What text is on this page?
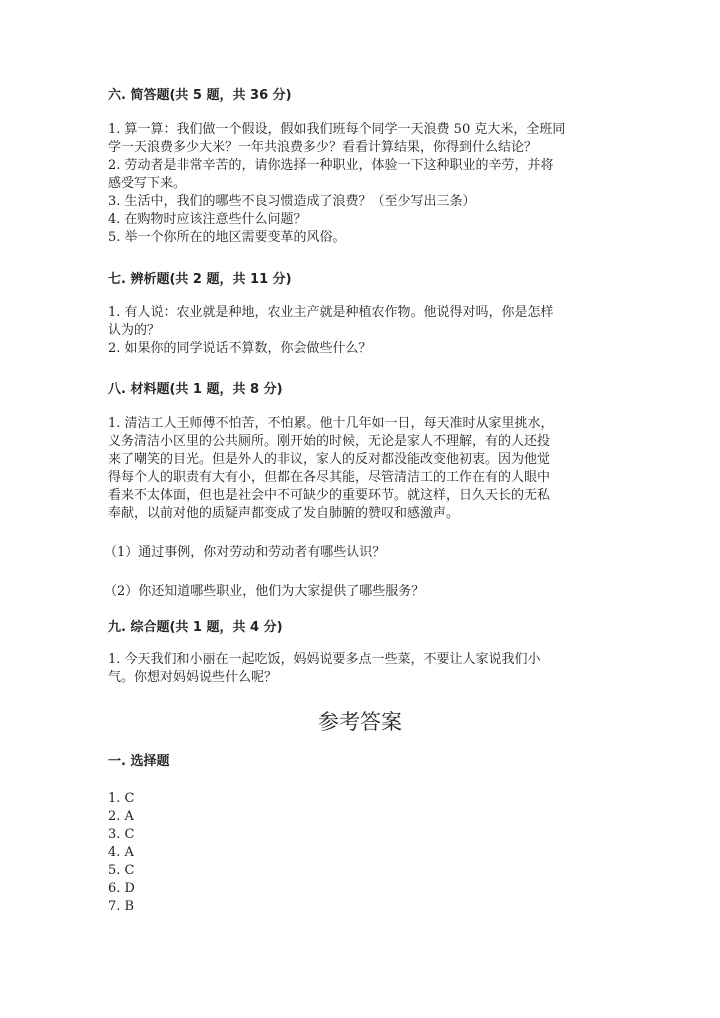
六. 简答题(共 5 题，共 36 分)
1. 算一算：我们做一个假设，假如我们班每个同学一天浪费 50 克大米，全班同
学一天浪费多少大米？一年共浪费多少？看看计算结果，你得到什么结论？
2. 劳动者是非常辛苦的，请你选择一种职业，体验一下这种职业的辛劳，并将
感受写下来。
3. 生活中，我们的哪些不良习惯造成了浪费？（至少写出三条）
4. 在购物时应该注意些什么问题？
5. 举一个你所在的地区需要变革的风俗。
七. 辨析题(共 2 题，共 11 分)
1. 有人说：农业就是种地，农业主产就是种植农作物。他说得对吗，你是怎样
认为的？
2. 如果你的同学说话不算数，你会做些什么？
八. 材料题(共 1 题，共 8 分)
1. 清洁工人王师傅不怕苦，不怕累。他十几年如一日，每天准时从家里挑水，
义务清洁小区里的公共厕所。刚开始的时候，无论是家人不理解，有的人还投
来了嘲笑的目光。但是外人的非议，家人的反对都没能改变他初衷。因为他觉
得每个人的职责有大有小，但都在各尽其能，尽管清洁工的工作在有的人眼中
看来不太体面，但也是社会中不可缺少的重要环节。就这样，日久天长的无私
奉献，以前对他的质疑声都变成了发自肺腑的赞叹和感激声。
（1）通过事例，你对劳动和劳动者有哪些认识？
（2）你还知道哪些职业，他们为大家提供了哪些服务？
九. 综合题(共 1 题，共 4 分)
1. 今天我们和小丽在一起吃饭，妈妈说要多点一些菜，不要让人家说我们小
气。你想对妈妈说些什么呢？
参考答案
一. 选择题
1. C
2. A
3. C
4. A
5. C
6. D
7. B
